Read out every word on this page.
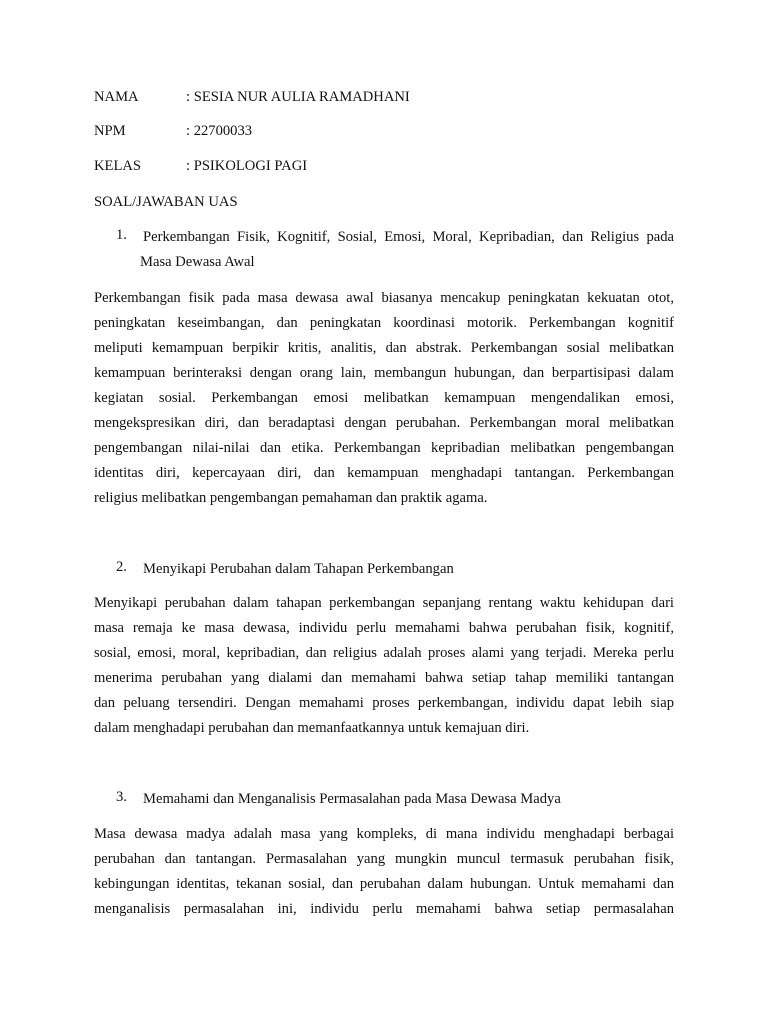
NAMA	: SESIA NUR AULIA RAMADHANI
NPM	: 22700033
KELAS	: PSIKOLOGI PAGI
SOAL/JAWABAN UAS
1. Perkembangan Fisik, Kognitif, Sosial, Emosi, Moral, Kepribadian, dan Religius pada
Masa Dewasa Awal
Perkembangan fisik pada masa dewasa awal biasanya mencakup peningkatan kekuatan otot,
peningkatan keseimbangan, dan peningkatan koordinasi motorik. Perkembangan kognitif
meliputi kemampuan berpikir kritis, analitis, dan abstrak. Perkembangan sosial melibatkan
kemampuan berinteraksi dengan orang lain, membangun hubungan, dan berpartisipasi dalam
kegiatan sosial. Perkembangan emosi melibatkan kemampuan mengendalikan emosi,
mengekspresikan diri, dan beradaptasi dengan perubahan. Perkembangan moral melibatkan
pengembangan nilai-nilai dan etika. Perkembangan kepribadian melibatkan pengembangan
identitas diri, kepercayaan diri, dan kemampuan menghadapi tantangan. Perkembangan
religius melibatkan pengembangan pemahaman dan praktik agama.
2. Menyikapi Perubahan dalam Tahapan Perkembangan
Menyikapi perubahan dalam tahapan perkembangan sepanjang rentang waktu kehidupan dari
masa remaja ke masa dewasa, individu perlu memahami bahwa perubahan fisik, kognitif,
sosial, emosi, moral, kepribadian, dan religius adalah proses alami yang terjadi. Mereka perlu
menerima perubahan yang dialami dan memahami bahwa setiap tahap memiliki tantangan
dan peluang tersendiri. Dengan memahami proses perkembangan, individu dapat lebih siap
dalam menghadapi perubahan dan memanfaatkannya untuk kemajuan diri.
3. Memahami dan Menganalisis Permasalahan pada Masa Dewasa Madya
Masa dewasa madya adalah masa yang kompleks, di mana individu menghadapi berbagai
perubahan dan tantangan. Permasalahan yang mungkin muncul termasuk perubahan fisik,
kebingungan identitas, tekanan sosial, dan perubahan dalam hubungan. Untuk memahami dan
menganalisis permasalahan ini, individu perlu memahami bahwa setiap permasalahan
